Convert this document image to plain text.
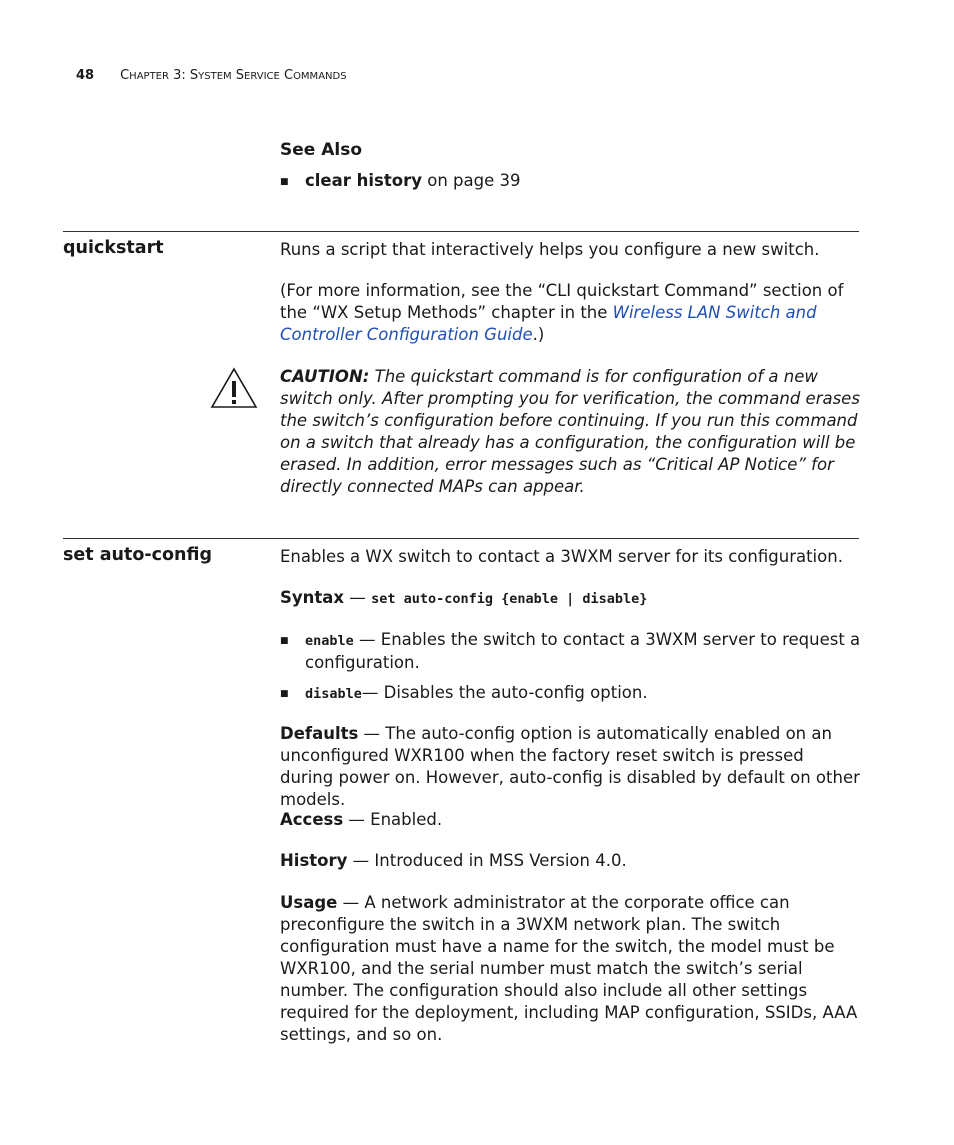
48 CHAPTER 3: SYSTEM SERVICE COMMANDS
See Also
■ clear history on page 39
quickstart	Runs a script that interactively helps you configure a new switch.
(For more information, see the “CLI quickstart Command” section of the “WX Setup Methods” chapter in the Wireless LAN Switch and Controller Configuration Guide.)
CAUTION: The quickstart command is for configuration of a new switch only. After prompting you for verification, the command erases the switch’s configuration before continuing. If you run this command on a switch that already has a configuration, the configuration will be erased. In addition, error messages such as “Critical AP Notice” for directly connected MAPs can appear.
set auto-config	Enables a WX switch to contact a 3WXM server for its configuration.
Syntax — set auto-config {enable | disable}
■ enable — Enables the switch to contact a 3WXM server to request a configuration.
■ disable— Disables the auto-config option.
Defaults — The auto-config option is automatically enabled on an unconfigured WXR100 when the factory reset switch is pressed during power on. However, auto-config is disabled by default on other models.
Access — Enabled.
History — Introduced in MSS Version 4.0.
Usage — A network administrator at the corporate office can preconfigure the switch in a 3WXM network plan. The switch configuration must have a name for the switch, the model must be WXR100, and the serial number must match the switch’s serial number. The configuration should also include all other settings required for the deployment, including MAP configuration, SSIDs, AAA settings, and so on.
